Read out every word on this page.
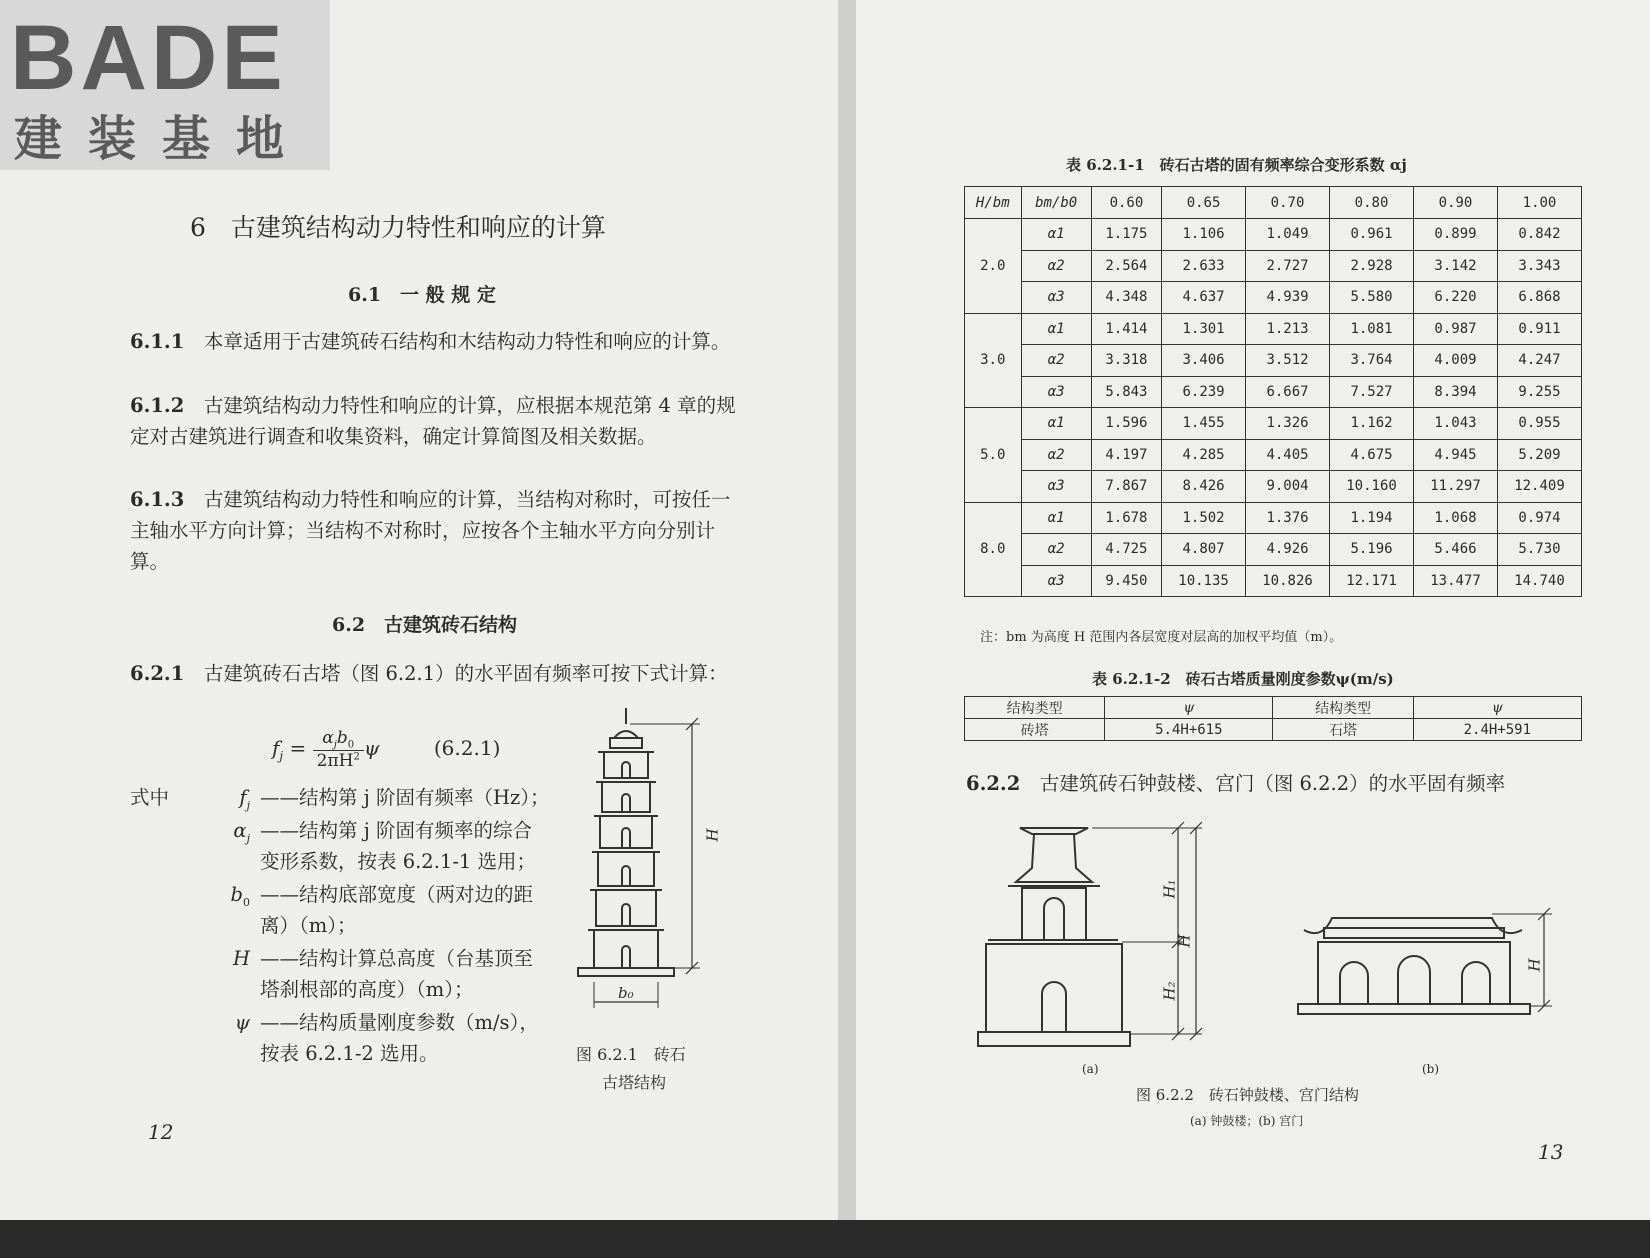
BADE
建装基地
6　古建筑结构动力特性和响应的计算
6.1　一 般 规 定
6.1.1　 本章适用于古建筑砖石结构和木结构动力特性和响应的计算。
6.1.2　 古建筑结构动力特性和响应的计算，应根据本规范第 4 章的规定对古建筑进行调查和收集资料，确定计算简图及相关数据。
6.1.3　 古建筑结构动力特性和响应的计算，当结构对称时，可按任一主轴水平方向计算；当结构不对称时，应按各个主轴水平方向分别计算。
6.2　古建筑砖石结构
6.2.1　 古建筑砖石古塔（图 6.2.1）的水平固有频率可按下式计算：
$f_j = \alpha_jb_0$
$2\pi H^2$ ψ	(6.2.1)
式中	$f_j$ ——结构第 j 阶固有频率（Hz）；
$\alpha_j$ ——结构第 j 阶固有频率的综合变形系数，按表 6.2.1-1 选用；
$b_0$ ——结构底部宽度（两对边的距离）（m）；
H ——结构计算总高度（台基顶至塔刹根部的高度）（m）；
ψ ——结构质量刚度参数（m/s），按表 6.2.1-2 选用。
H
b₀
图 6.2.1　砖石
古塔结构
12
表 6.2.1-1　砖石古塔的固有频率综合变形系数 αj
H/bm	bm/b0	0.60	0.65	0.70	0.80	0.90	1.00
2.0	α1	1.175	1.106	1.049	0.961	0.899	0.842
	α2	2.564	2.633	2.727	2.928	3.142	3.343
	α3	4.348	4.637	4.939	5.580	6.220	6.868
3.0	α1	1.414	1.301	1.213	1.081	0.987	0.911
	α2	3.318	3.406	3.512	3.764	4.009	4.247
	α3	5.843	6.239	6.667	7.527	8.394	9.255
5.0	α1	1.596	1.455	1.326	1.162	1.043	0.955
	α2	4.197	4.285	4.405	4.675	4.945	5.209
	α3	7.867	8.426	9.004	10.160	11.297	12.409
8.0	α1	1.678	1.502	1.376	1.194	1.068	0.974
	α2	4.725	4.807	4.926	5.196	5.466	5.730
	α3	9.450	10.135	10.826	12.171	13.477	14.740
注：bm 为高度 H 范围内各层宽度对层高的加权平均值（m）。
表 6.2.1-2　砖石古塔质量刚度参数ψ(m/s)
结构类型	ψ	结构类型	ψ
砖塔	5.4H+615	石塔	2.4H+591
6.2.2　 古建筑砖石钟鼓楼、宫门（图 6.2.2）的水平固有频率
H₁
H
H₂
H
(a)	(b)
图 6.2.2　砖石钟鼓楼、宫门结构
(a) 钟鼓楼；(b) 宫门
13
